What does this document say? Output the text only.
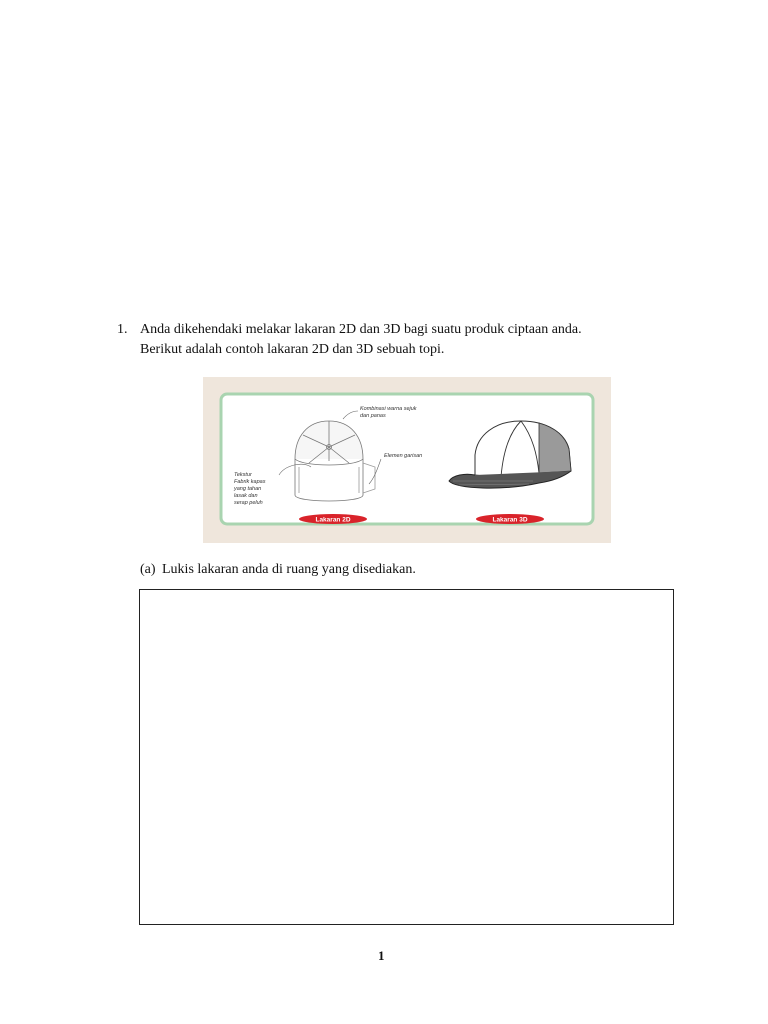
1. Anda dikehendaki melakar lakaran 2D dan 3D bagi suatu produk ciptaan anda.
Berikut adalah contoh lakaran 2D dan 3D sebuah topi.
Kombinasi warna sejuk
dan panas
Elemen garisan
Tekstur
Fabrik kapas
yang tahan
lasak dan
serap peluh
Lakaran 2D	Lakaran 3D
(a) Lukis lakaran anda di ruang yang disediakan.
1
